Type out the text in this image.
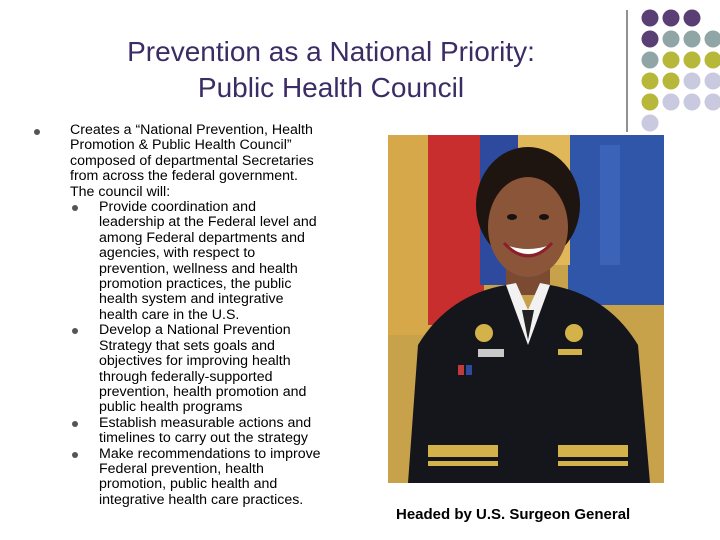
Prevention as a National Priority:
Public Health Council
Creates a “National Prevention, Health
Promotion & Public Health Council”
composed of departmental Secretaries
from across the federal government.
The council will:
Provide coordination and
leadership at the Federal level and
among Federal departments and
agencies, with respect to
prevention, wellness and health
promotion practices, the public
health system and integrative
health care in the U.S.
Develop a National Prevention
Strategy that sets goals and
objectives for improving health
through federally-supported
prevention, health promotion and
public health programs
Establish measurable actions and
timelines to carry out the strategy
Make recommendations to improve
Federal prevention, health
promotion, public health and
integrative health care practices.
Headed by U.S. Surgeon General
